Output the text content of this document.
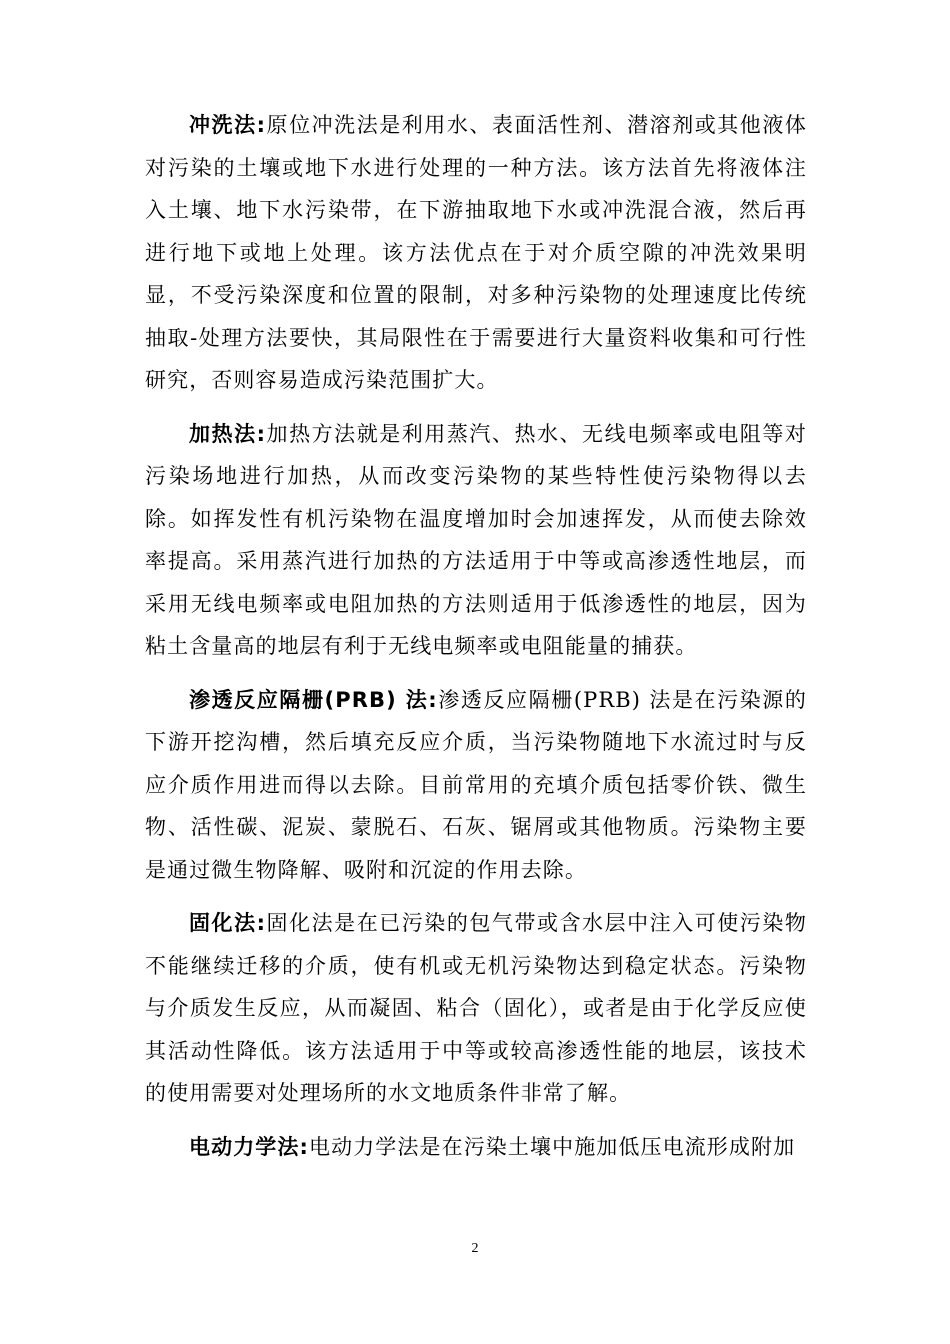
冲洗法:原位冲洗法是利用水、表面活性剂、潜溶剂或其他液体对污染的土壤或地下水进行处理的一种方法。该方法首先将液体注入土壤、地下水污染带，在下游抽取地下水或冲洗混合液，然后再进行地下或地上处理。该方法优点在于对介质空隙的冲洗效果明显，不受污染深度和位置的限制，对多种污染物的处理速度比传统抽取-处理方法要快，其局限性在于需要进行大量资料收集和可行性研究，否则容易造成污染范围扩大。

加热法:加热方法就是利用蒸汽、热水、无线电频率或电阻等对污染场地进行加热，从而改变污染物的某些特性使污染物得以去除。如挥发性有机污染物在温度增加时会加速挥发，从而使去除效率提高。采用蒸汽进行加热的方法适用于中等或高渗透性地层，而采用无线电频率或电阻加热的方法则适用于低渗透性的地层，因为粘土含量高的地层有利于无线电频率或电阻能量的捕获。

渗透反应隔栅(PRB) 法:渗透反应隔栅(PRB) 法是在污染源的下游开挖沟槽，然后填充反应介质，当污染物随地下水流过时与反应介质作用进而得以去除。目前常用的充填介质包括零价铁、微生物、活性碳、泥炭、蒙脱石、石灰、锯屑或其他物质。污染物主要是通过微生物降解、吸附和沉淀的作用去除。

固化法:固化法是在已污染的包气带或含水层中注入可使污染物不能继续迁移的介质，使有机或无机污染物达到稳定状态。污染物与介质发生反应，从而凝固、粘合（固化），或者是由于化学反应使其活动性降低。该方法适用于中等或较高渗透性能的地层，该技术的使用需要对处理场所的水文地质条件非常了解。

电动力学法:电动力学法是在污染土壤中施加低压电流形成附加

2
